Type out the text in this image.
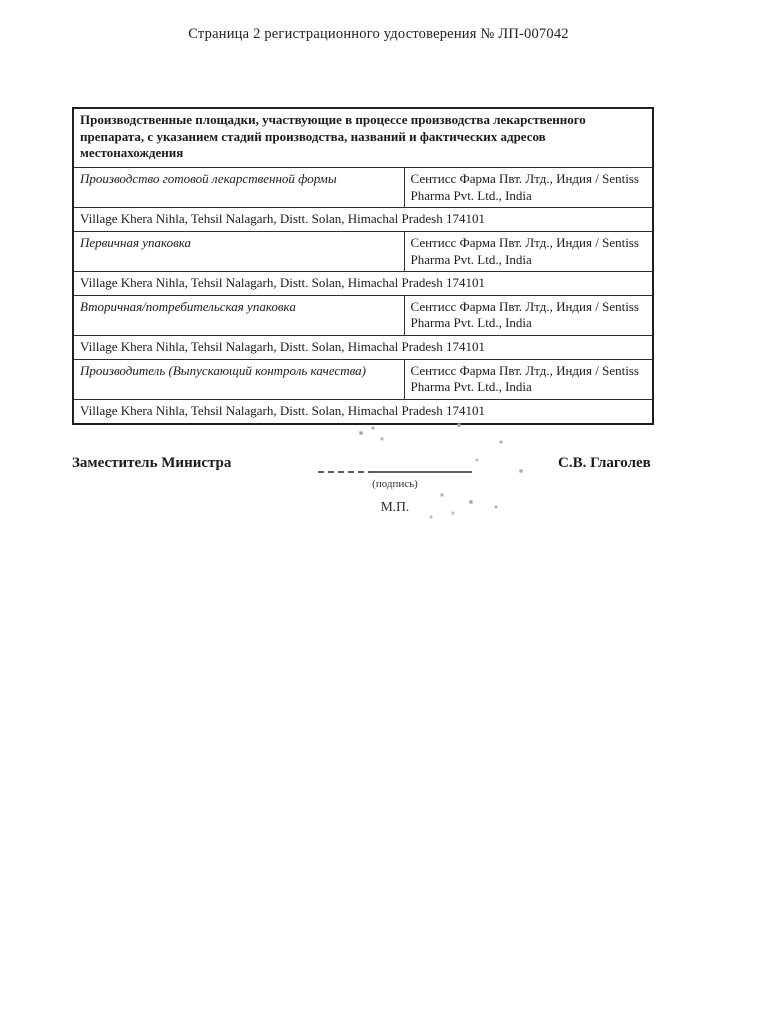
Страница 2 регистрационного удостоверения № ЛП-007042
Производственные площадки, участвующие в процессе производства лекарственного препарата, с указанием стадий производства, названий и фактических адресов местонахождения	
Производство готовой лекарственной формы	Сентисс Фарма Пвт. Лтд., Индия / Sentiss Pharma Pvt. Ltd., India
Village Khera Nihla, Tehsil Nalagarh, Distt. Solan, Himachal Pradesh 174101	
Первичная упаковка	Сентисс Фарма Пвт. Лтд., Индия / Sentiss Pharma Pvt. Ltd., India
Village Khera Nihla, Tehsil Nalagarh, Distt. Solan, Himachal Pradesh 174101	
Вторичная/потребительская упаковка	Сентисс Фарма Пвт. Лтд., Индия / Sentiss Pharma Pvt. Ltd., India
Village Khera Nihla, Tehsil Nalagarh, Distt. Solan, Himachal Pradesh 174101	
Производитель (Выпускающий контроль качества)	Сентисс Фарма Пвт. Лтд., Индия / Sentiss Pharma Pvt. Ltd., India
Village Khera Nihla, Tehsil Nalagarh, Distt. Solan, Himachal Pradesh 174101	
Заместитель Министра
(подпись)
М.П.
С.В. Глаголев
